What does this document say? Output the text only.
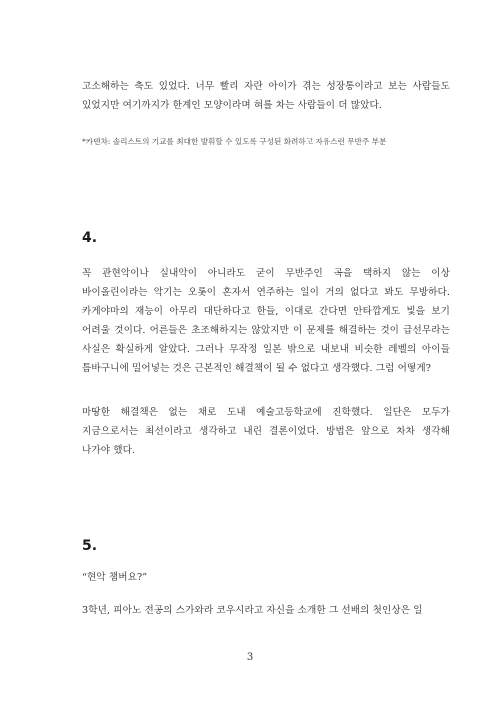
고소해하는 축도 있었다. 너무 빨리 자란 아이가 겪는 성장통이라고 보는 사람들도 있었지만 여기까지가 한계인 모양이라며 혀를 차는 사람들이 더 많았다.
*카덴차: 솔리스트의 기교를 최대한 발휘할 수 있도록 구성된 화려하고 자유스런 무반주 부분
4.
꼭 관현악이나 실내악이 아니라도 굳이 무반주인 곡을 택하지 않는 이상 바이올린이라는 악기는 오롯이 혼자서 연주하는 일이 거의 없다고 봐도 무방하다. 카게야마의 재능이 아무리 대단하다고 한들, 이대로 간다면 안타깝게도 빛을 보기 어려울 것이다. 어른들은 초조해하지는 않았지만 이 문제를 해결하는 것이 급선무라는 사실은 확실하게 알았다. 그러나 무작정 일본 밖으로 내보내 비슷한 레벨의 아이들 틈바구니에 밀어넣는 것은 근본적인 해결책이 될 수 없다고 생각했다. 그럼 어떻게?
마땅한 해결책은 없는 채로 도내 예술고등학교에 진학했다. 일단은 모두가 지금으로서는 최선이라고 생각하고 내린 결론이었다. 방법은 앞으로 차차 생각해 나가야 했다.
5.
“현악 챔버요?”
3학년, 피아노 전공의 스가와라 코우시라고 자신을 소개한 그 선배의 첫인상은 일
3
